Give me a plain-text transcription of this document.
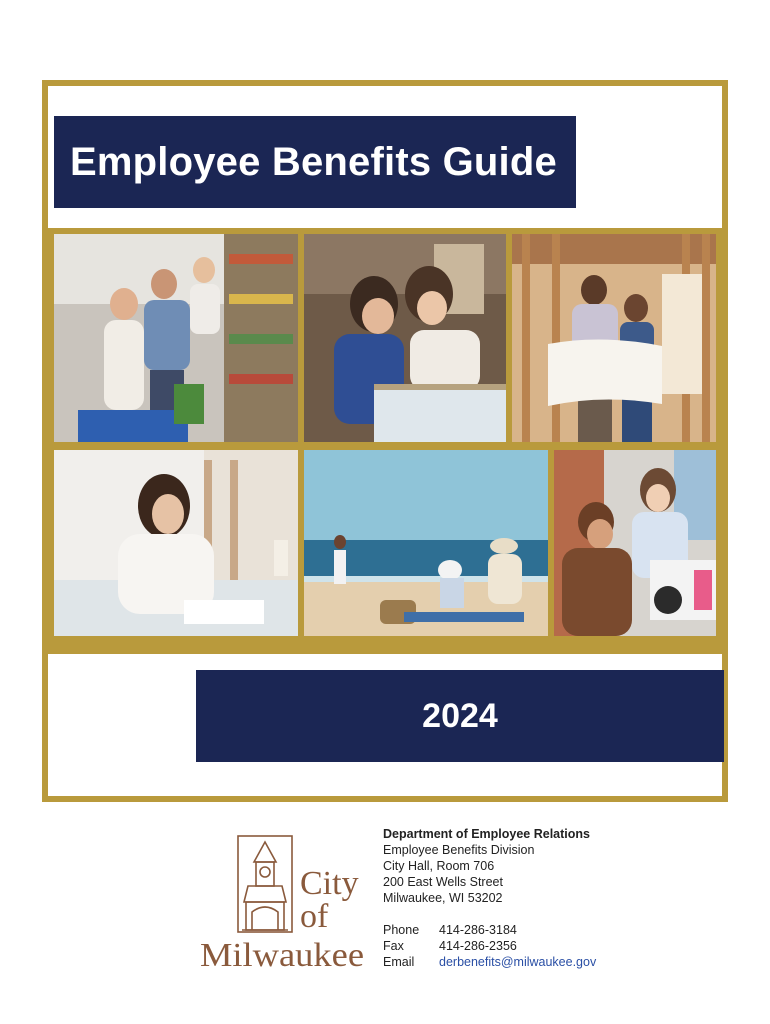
Employee Benefits Guide
2024
City
of
Milwaukee
Department of Employee Relations
Employee Benefits Division
City Hall, Room 706
200 East Wells Street
Milwaukee, WI 53202
Phone	414-286-3184
Fax	414-286-2356
Email	derbenefits@milwaukee.gov
